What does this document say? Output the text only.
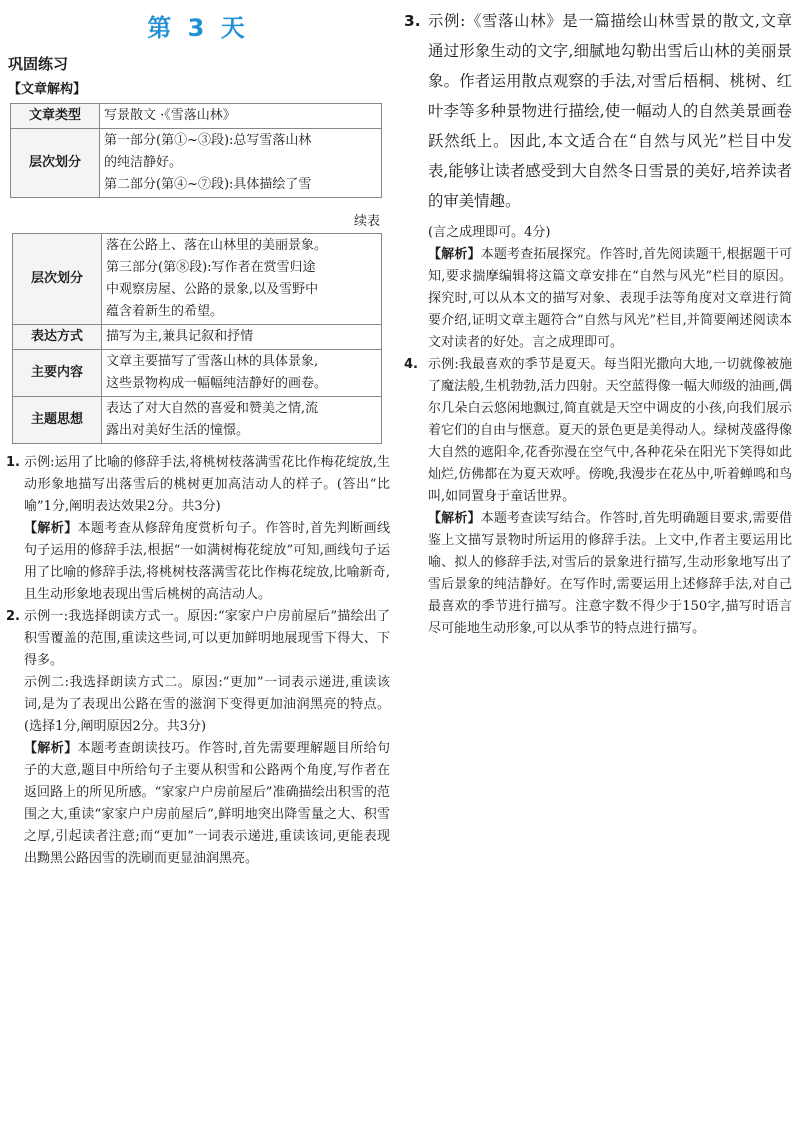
第 3 天
巩固练习
【文章解构】
文章类型	写景散文 ·《雪落山林》
层次划分	第一部分(第①~③段):总写雪落山林
的纯洁静好。
第二部分(第④~⑦段):具体描绘了雪
续表
层次划分	落在公路上、落在山林里的美丽景象。
第三部分(第⑧段):写作者在赏雪归途
中观察房屋、公路的景象,以及雪野中
蕴含着新生的希望。

表达方式	描写为主,兼具记叙和抒情
主要内容	文章主要描写了雪落山林的具体景象,
这些景物构成一幅幅纯洁静好的画卷。

主题思想	表达了对大自然的喜爱和赞美之情,流
露出对美好生活的憧憬。
1. 示例:运用了比喻的修辞手法,将桃树枝落满雪花比作梅花绽放,生动形象地描写出落雪后的桃树更加高洁动人的样子。(答出“比喻”1分,阐明表达效果2分。共3分)

【解析】本题考查从修辞角度赏析句子。作答时,首先判断画线句子运用的修辞手法,根据“一如满树梅花绽放”可知,画线句子运用了比喻的修辞手法,将桃树枝落满雪花比作梅花绽放,比喻新奇,且生动形象地表现出雪后桃树的高洁动人。

2. 示例一:我选择朗读方式一。原因:“家家户户房前屋后”描绘出了积雪覆盖的范围,重读这些词,可以更加鲜明地展现雪下得大、下得多。

示例二:我选择朗读方式二。原因:“更加”一词表示递进,重读该词,是为了表现出公路在雪的滋润下变得更加油润黑亮的特点。(选择1分,阐明原因2分。共3分)

【解析】本题考查朗读技巧。作答时,首先需要理解题目所给句子的大意,题目中所给句子主要从积雪和公路两个角度,写作者在返回路上的所见所感。“家家户户房前屋后”准确描绘出积雪的范围之大,重读“家家户户房前屋后”,鲜明地突出降雪量之大、积雪之厚,引起读者注意;而“更加”一词表示递进,重读该词,更能表现出黝黑公路因雪的洗刷而更显油润黑亮。

3. 示例:《雪落山林》是一篇描绘山林雪景的散文,文章通过形象生动的文字,细腻地勾勒出雪后山林的美丽景象。作者运用散点观察的手法,对雪后梧桐、桃树、红叶李等多种景物进行描绘,使一幅动人的自然美景画卷跃然纸上。因此,本文适合在“自然与风光”栏目中发表,能够让读者感受到大自然冬日雪景的美好,培养读者的审美情趣。

(言之成理即可。4分)

【解析】本题考查拓展探究。作答时,首先阅读题干,根据题干可知,要求揣摩编辑将这篇文章安排在“自然与风光”栏目的原因。探究时,可以从本文的描写对象、表现手法等角度对文章进行简要介绍,证明文章主题符合“自然与风光”栏目,并简要阐述阅读本文对读者的好处。言之成理即可。

4. 示例:我最喜欢的季节是夏天。每当阳光撒向大地,一切就像被施了魔法般,生机勃勃,活力四射。天空蓝得像一幅大师级的油画,偶尔几朵白云悠闲地飘过,简直就是天空中调皮的小孩,向我们展示着它们的自由与惬意。夏天的景色更是美得动人。绿树茂盛得像大自然的遮阳伞,花香弥漫在空气中,各种花朵在阳光下笑得如此灿烂,仿佛都在为夏天欢呼。傍晚,我漫步在花丛中,听着蝉鸣和鸟叫,如同置身于童话世界。

【解析】本题考查读写结合。作答时,首先明确题目要求,需要借鉴上文描写景物时所运用的修辞手法。上文中,作者主要运用比喻、拟人的修辞手法,对雪后的景象进行描写,生动形象地写出了雪后景象的纯洁静好。在写作时,需要运用上述修辞手法,对自己最喜欢的季节进行描写。注意字数不得少于150字,描写时语言尽可能地生动形象,可以从季节的特点进行描写。
